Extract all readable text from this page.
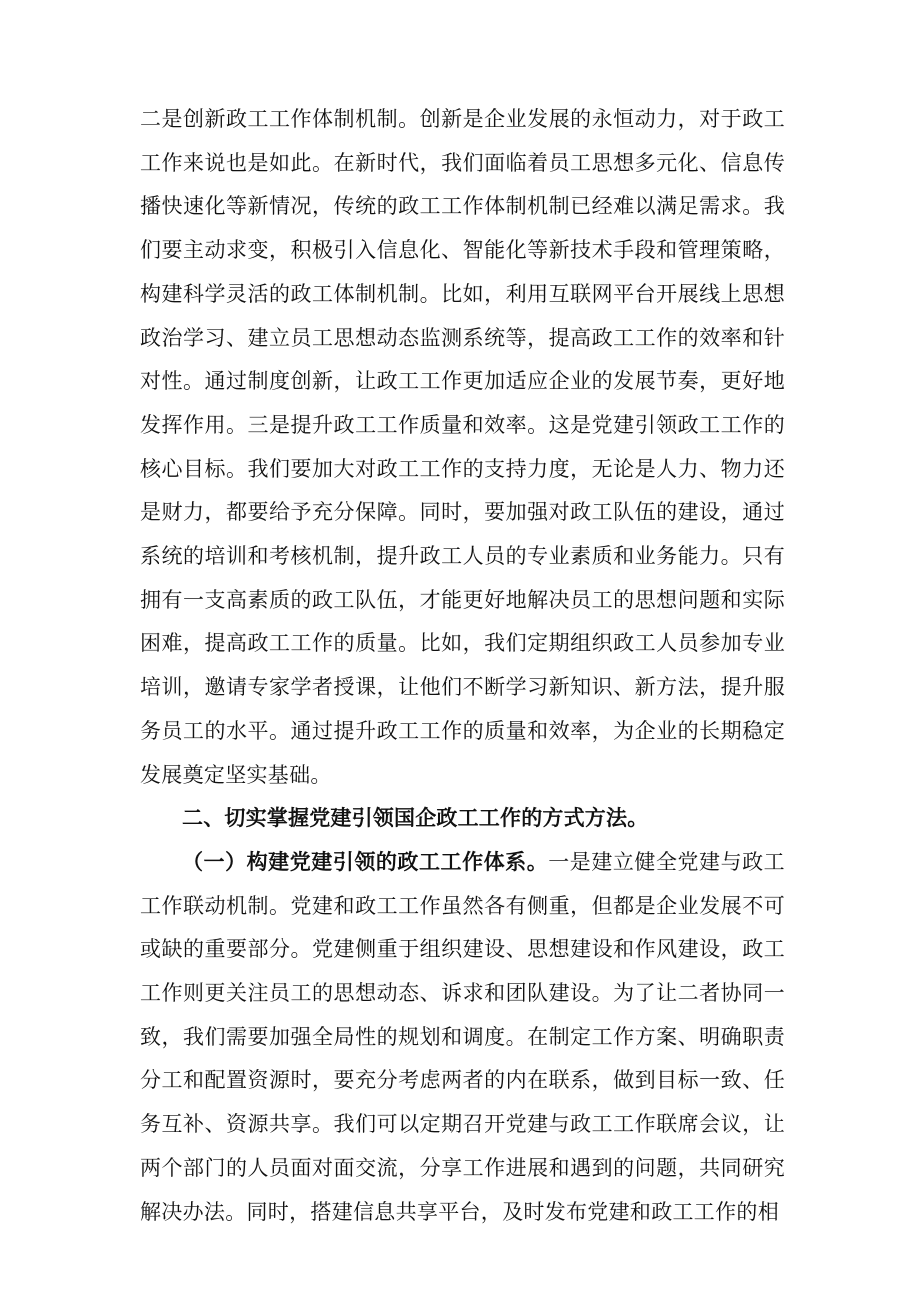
二是创新政工工作体制机制。创新是企业发展的永恒动力，对于政工工作来说也是如此。在新时代，我们面临着员工思想多元化、信息传播快速化等新情况，传统的政工工作体制机制已经难以满足需求。我们要主动求变，积极引入信息化、智能化等新技术手段和管理策略，构建科学灵活的政工体制机制。比如，利用互联网平台开展线上思想政治学习、建立员工思想动态监测系统等，提高政工工作的效率和针对性。通过制度创新，让政工工作更加适应企业的发展节奏，更好地发挥作用。三是提升政工工作质量和效率。这是党建引领政工工作的核心目标。我们要加大对政工工作的支持力度，无论是人力、物力还是财力，都要给予充分保障。同时，要加强对政工队伍的建设，通过系统的培训和考核机制，提升政工人员的专业素质和业务能力。只有拥有一支高素质的政工队伍，才能更好地解决员工的思想问题和实际困难，提高政工工作的质量。比如，我们定期组织政工人员参加专业培训，邀请专家学者授课，让他们不断学习新知识、新方法，提升服务员工的水平。通过提升政工工作的质量和效率，为企业的长期稳定发展奠定坚实基础。

二、切实掌握党建引领国企政工工作的方式方法。

（一）构建党建引领的政工工作体系。一是建立健全党建与政工工作联动机制。党建和政工工作虽然各有侧重，但都是企业发展不可或缺的重要部分。党建侧重于组织建设、思想建设和作风建设，政工工作则更关注员工的思想动态、诉求和团队建设。为了让二者协同一致，我们需要加强全局性的规划和调度。在制定工作方案、明确职责分工和配置资源时，要充分考虑两者的内在联系，做到目标一致、任务互补、资源共享。我们可以定期召开党建与政工工作联席会议，让两个部门的人员面对面交流，分享工作进展和遇到的问题，共同研究解决办法。同时，搭建信息共享平台，及时发布党建和政工工作的相
